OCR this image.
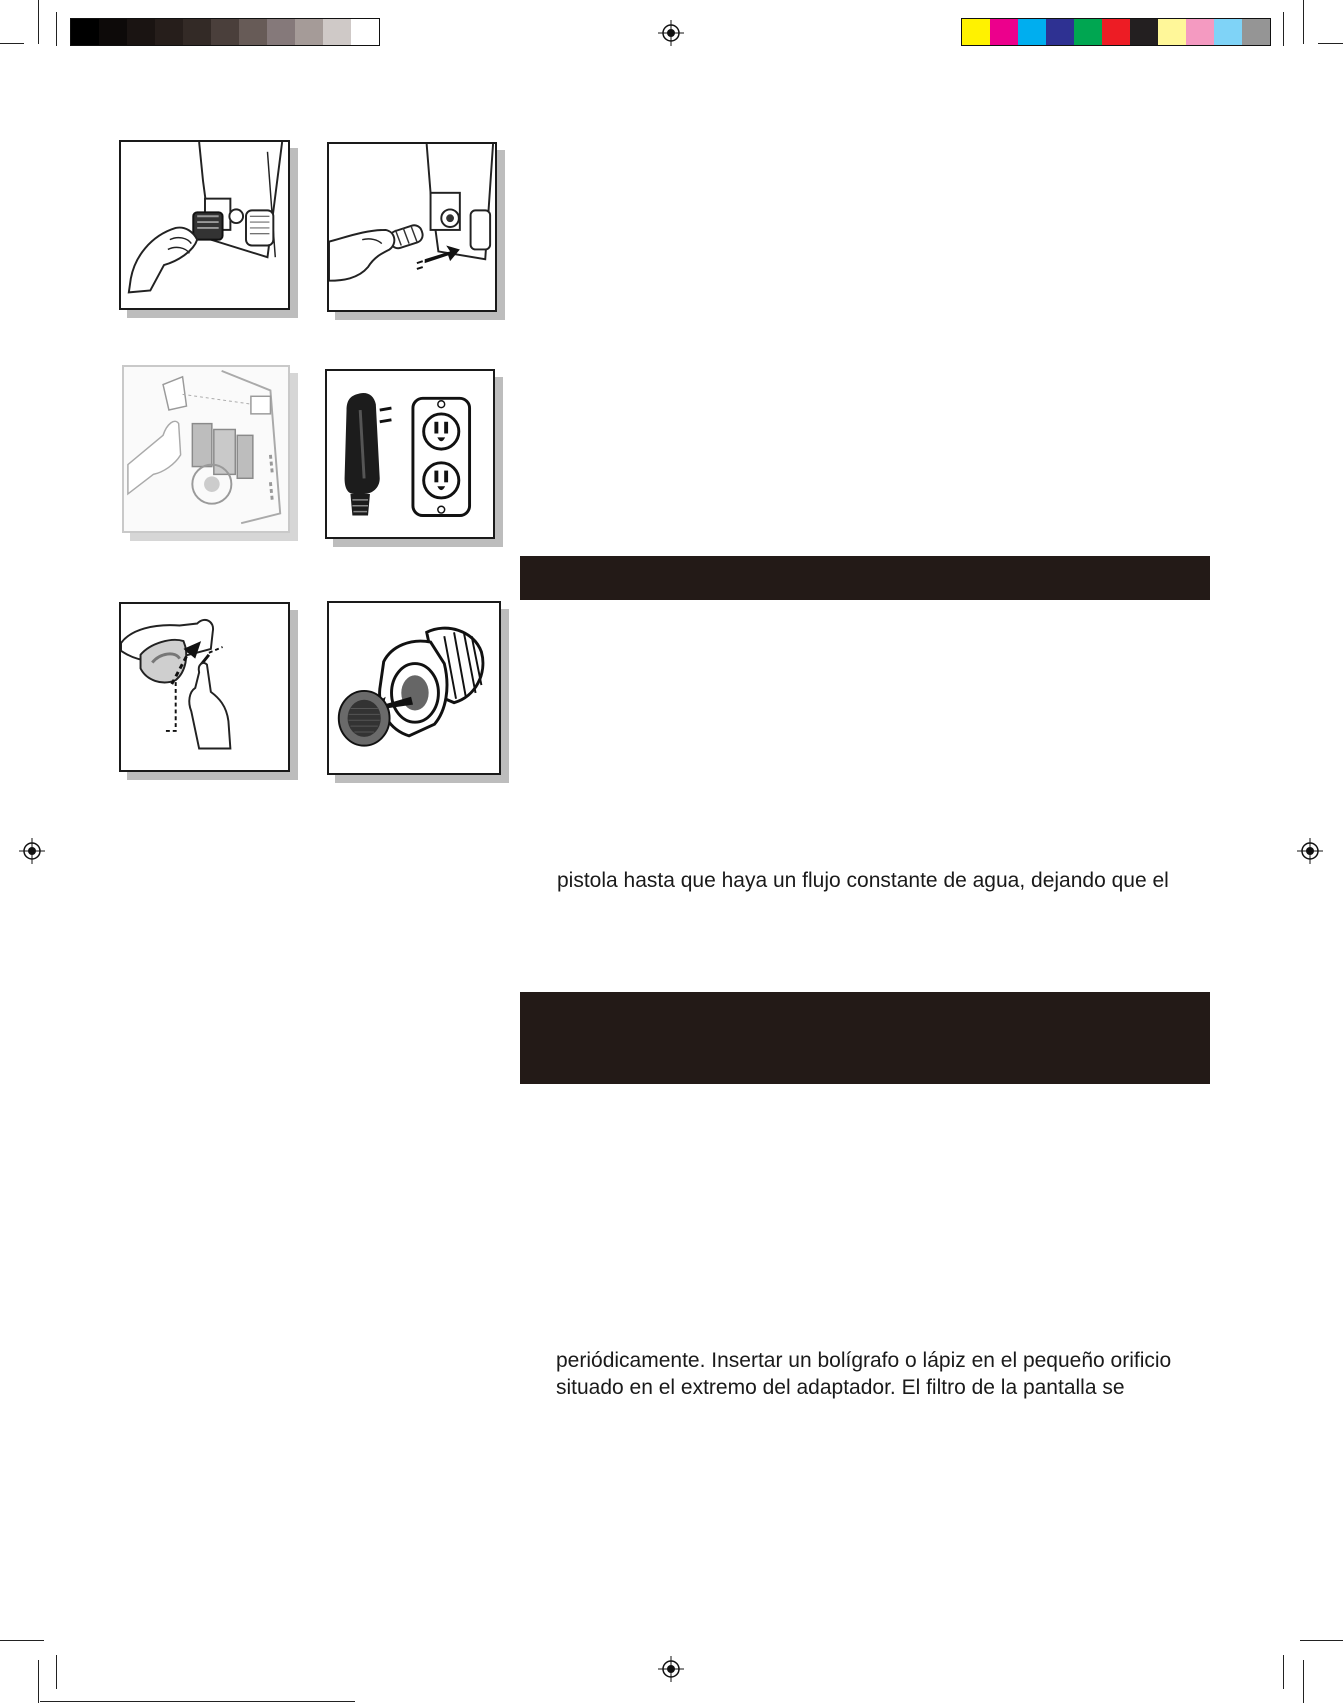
pistola hasta que haya un flujo constante de agua, dejando que el
periódicamente. Insertar un bolígrafo o lápiz en el pequeño orificio
situado en el extremo del adaptador. El filtro de la pantalla se
